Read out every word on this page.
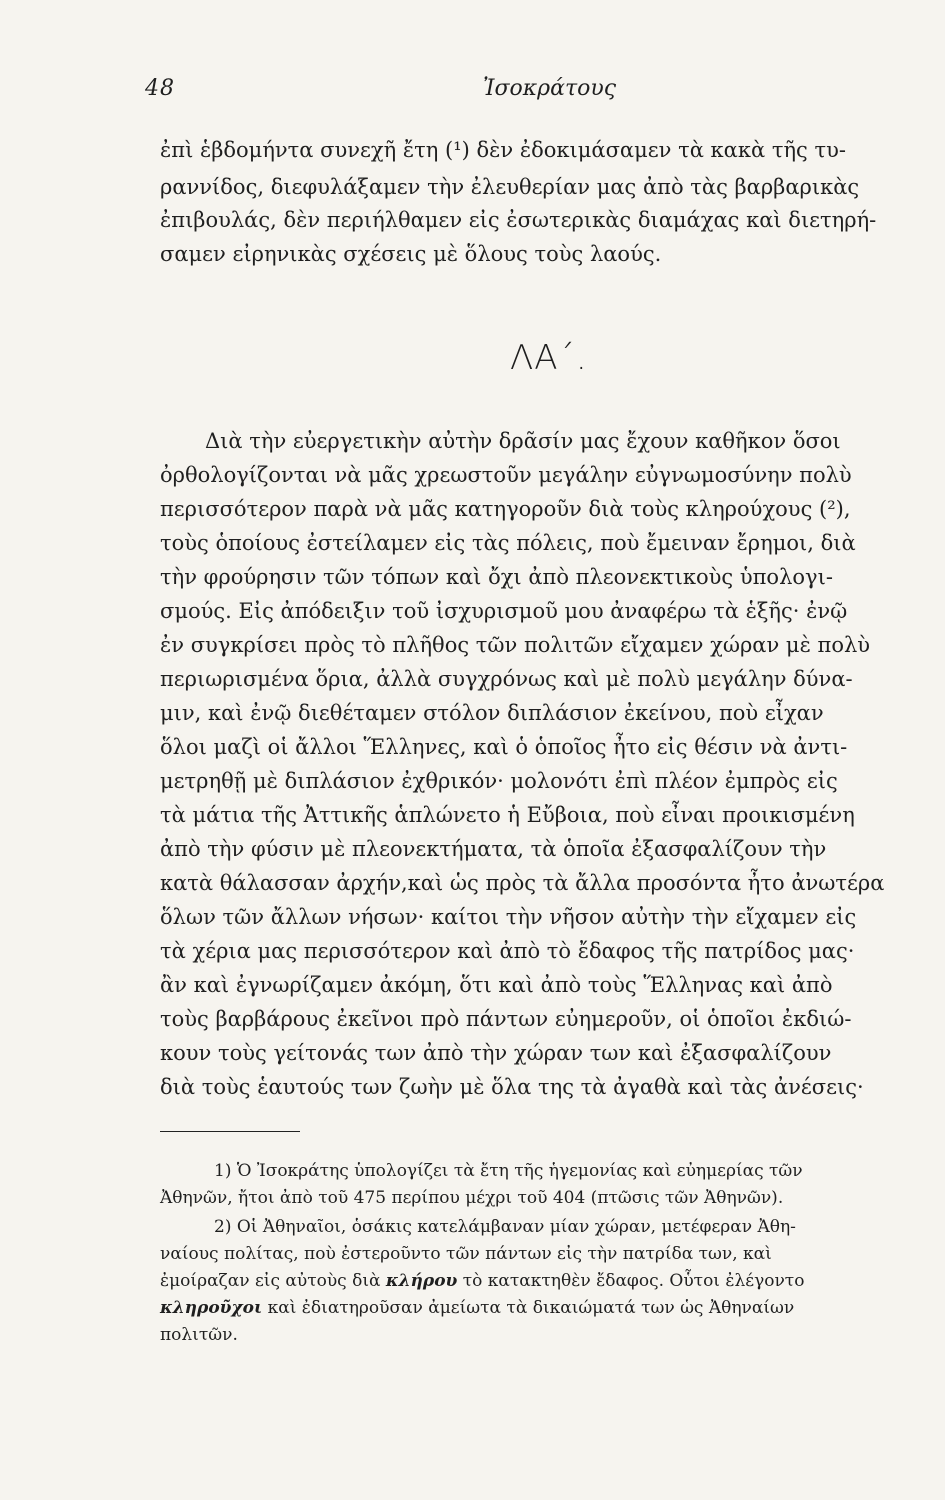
48	Ἰσοκράτους
ἐπὶ ἑβδομήντα συνεχῆ ἔτη (¹) δὲν ἐδοκιμάσαμεν τὰ κακὰ τῆς τυ-
ραννίδος, διεφυλάξαμεν τὴν ἐλευθερίαν μας ἀπὸ τὰς βαρβαρικὰς
ἐπιβουλάς, δὲν περιήλθαμεν εἰς ἐσωτερικὰς διαμάχας καὶ διετηρή-
σαμεν εἰρηνικὰς σχέσεις μὲ ὅλους τοὺς λαούς.
ΛΑ΄.
Διὰ τὴν εὐεργετικὴν αὐτὴν δρᾶσίν μας ἔχουν καθῆκον ὅσοι
ὀρθολογίζονται νὰ μᾶς χρεωστοῦν μεγάλην εὐγνωμοσύνην πολὺ
περισσότερον παρὰ νὰ μᾶς κατηγοροῦν διὰ τοὺς κληρούχους (²),
τοὺς ὁποίους ἐστείλαμεν εἰς τὰς πόλεις, ποὺ ἔμειναν ἔρημοι, διὰ
τὴν φρούρησιν τῶν τόπων καὶ ὄχι ἀπὸ πλεονεκτικοὺς ὑπολογι-
σμούς. Εἰς ἀπόδειξιν τοῦ ἰσχυρισμοῦ μου ἀναφέρω τὰ ἑξῆς· ἐνῷ
ἐν συγκρίσει πρὸς τὸ πλῆθος τῶν πολιτῶν εἴχαμεν χώραν μὲ πολὺ
περιωρισμένα ὅρια, ἀλλὰ συγχρόνως καὶ μὲ πολὺ μεγάλην δύνα-
μιν, καὶ ἐνῷ διεθέταμεν στόλον διπλάσιον ἐκείνου, ποὺ εἶχαν
ὅλοι μαζὶ οἱ ἄλλοι Ἕλληνες, καὶ ὁ ὁποῖος ἦτο εἰς θέσιν νὰ ἀντι-
μετρηθῇ μὲ διπλάσιον ἐχθρικόν· μολονότι ἐπὶ πλέον ἐμπρὸς εἰς
τὰ μάτια τῆς Ἀττικῆς ἁπλώνετο ἡ Εὔβοια, ποὺ εἶναι προικισμένη
ἀπὸ τὴν φύσιν μὲ πλεονεκτήματα, τὰ ὁποῖα ἐξασφαλίζουν τὴν
κατὰ θάλασσαν ἀρχήν,καὶ ὡς πρὸς τὰ ἄλλα προσόντα ἦτο ἀνωτέρα
ὅλων τῶν ἄλλων νήσων· καίτοι τὴν νῆσον αὐτὴν τὴν εἴχαμεν εἰς
τὰ χέρια μας περισσότερον καὶ ἀπὸ τὸ ἔδαφος τῆς πατρίδος μας·
ἂν καὶ ἐγνωρίζαμεν ἀκόμη, ὅτι καὶ ἀπὸ τοὺς Ἕλληνας καὶ ἀπὸ
τοὺς βαρβάρους ἐκεῖνοι πρὸ πάντων εὐημεροῦν, οἱ ὁποῖοι ἐκδιώ-
κουν τοὺς γείτονάς των ἀπὸ τὴν χώραν των καὶ ἐξασφαλίζουν
διὰ τοὺς ἑαυτούς των ζωὴν μὲ ὅλα της τὰ ἀγαθὰ καὶ τὰς ἀνέσεις·
1) Ὁ Ἰσοκράτης ὑπολογίζει τὰ ἔτη τῆς ἡγεμονίας καὶ εὐημερίας τῶν
Ἀθηνῶν, ἤτοι ἀπὸ τοῦ 475 περίπου μέχρι τοῦ 404 (πτῶσις τῶν Ἀθηνῶν).
2) Οἱ Ἀθηναῖοι, ὁσάκις κατελάμβαναν μίαν χώραν, μετέφεραν Ἀθη-
ναίους πολίτας, ποὺ ἐστεροῦντο τῶν πάντων εἰς τὴν πατρίδα των, καὶ
ἐμοίραζαν εἰς αὐτοὺς διὰ κλήρου τὸ κατακτηθὲν ἔδαφος. Οὗτοι ἐλέγοντο
κληροῦχοι καὶ ἐδιατηροῦσαν ἀμείωτα τὰ δικαιώματά των ὡς Ἀθηναίων
πολιτῶν.
